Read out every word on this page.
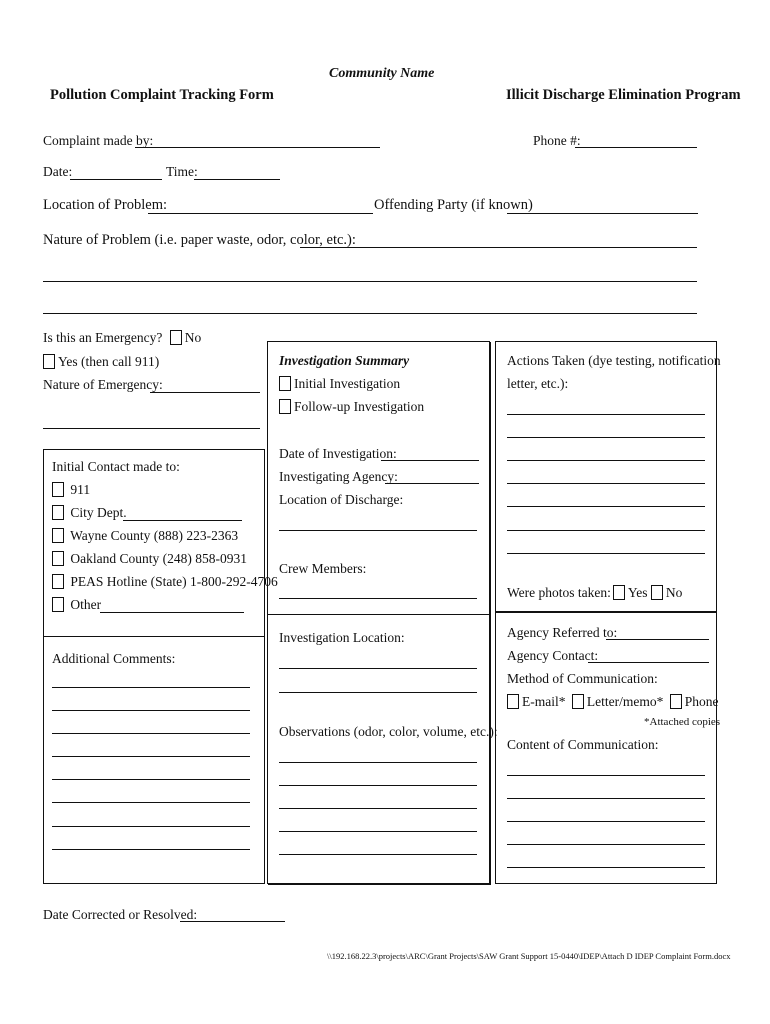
Community Name
Pollution Complaint Tracking Form	Illicit Discharge Elimination Program
Complaint made by:	Phone #:
Date:	Time:
Location of Problem:	Offending Party (if known)
Nature of Problem (i.e. paper waste, odor, color, etc.):
Is this an Emergency? No
Yes (then call 911)
Nature of Emergency:
Initial Contact made to:
911
City Dept.
Wayne County (888) 223-2363
Oakland County (248) 858-0931
PEAS Hotline (State) 1-800-292-4706
Other
Additional Comments:
Investigation Summary
Initial Investigation
Follow-up Investigation
Date of Investigation:
Investigating Agency:
Location of Discharge:
Crew Members:
Investigation Location:
Observations (odor, color, volume, etc.):
Actions Taken (dye testing, notification
letter, etc.):
Were photos taken: Yes No
Agency Referred to:
Agency Contact:
Method of Communication:
E-mail* Letter/memo* Phone
*Attached copies
Content of Communication:
Date Corrected or Resolved:
\\192.168.22.3\projects\ARC\Grant Projects\SAW Grant Support 15-0440\IDEP\Attach D IDEP Complaint Form.docx
